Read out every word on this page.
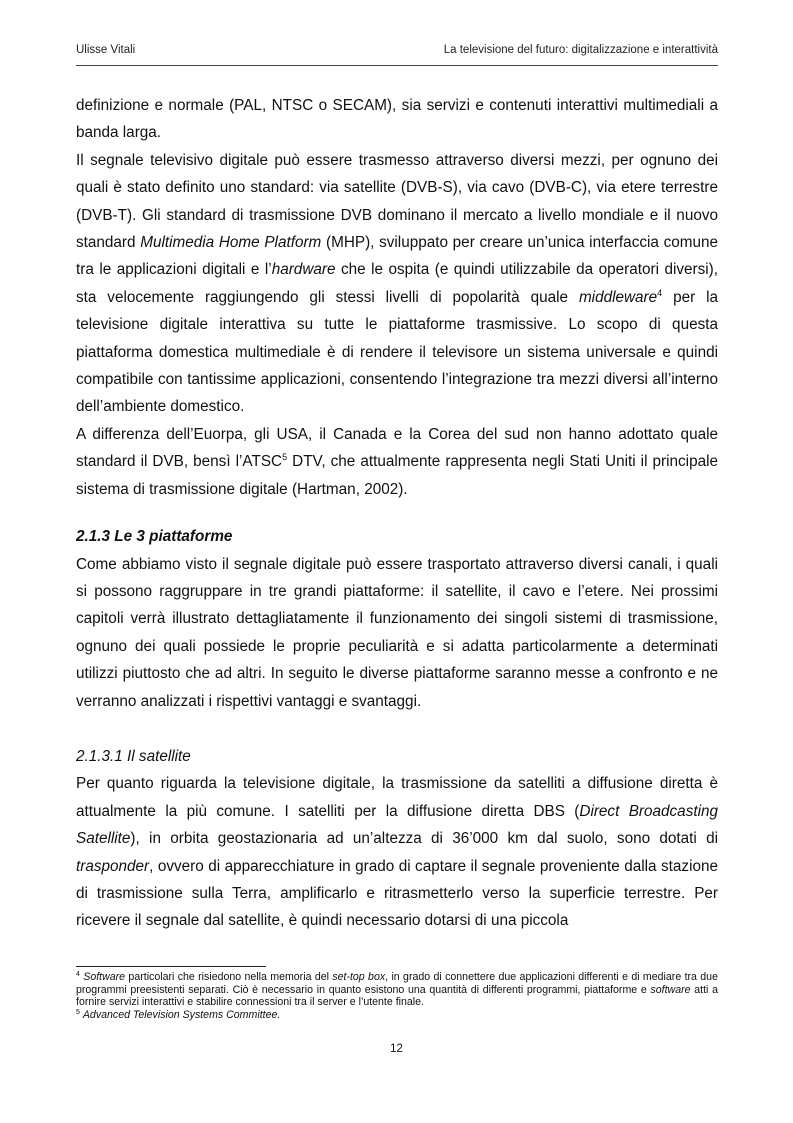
Ulisse Vitali	La televisione del futuro: digitalizzazione e interattività

definizione e normale (PAL, NTSC o SECAM), sia servizi e contenuti interattivi multimediali a banda larga.

Il segnale televisivo digitale può essere trasmesso attraverso diversi mezzi, per ognuno dei quali è stato definito uno standard: via satellite (DVB-S), via cavo (DVB-C), via etere terrestre (DVB-T). Gli standard di trasmissione DVB dominano il mercato a livello mondiale e il nuovo standard Multimedia Home Platform (MHP), sviluppato per creare un’unica interfaccia comune tra le applicazioni digitali e l’hardware che le ospita (e quindi utilizzabile da operatori diversi), sta velocemente raggiungendo gli stessi livelli di popolarità quale middleware$^4$ per la televisione digitale interattiva su tutte le piattaforme trasmissive. Lo scopo di questa piattaforma domestica multimediale è di rendere il televisore un sistema universale e quindi compatibile con tantissime applicazioni, consentendo l’integrazione tra mezzi diversi all’interno dell’ambiente domestico.

A differenza dell’Euorpa, gli USA, il Canada e la Corea del sud non hanno adottato quale standard il DVB, bensì l’ATSC$^5$ DTV, che attualmente rappresenta negli Stati Uniti il principale sistema di trasmissione digitale (Hartman, 2002).

2.1.3 Le 3 piattaforme

Come abbiamo visto il segnale digitale può essere trasportato attraverso diversi canali, i quali si possono raggruppare in tre grandi piattaforme: il satellite, il cavo e l’etere. Nei prossimi capitoli verrà illustrato dettagliatamente il funzionamento dei singoli sistemi di trasmissione, ognuno dei quali possiede le proprie peculiarità e si adatta particolarmente a determinati utilizzi piuttosto che ad altri. In seguito le diverse piattaforme saranno messe a confronto e ne verranno analizzati i rispettivi vantaggi e svantaggi.

2.1.3.1 Il satellite

Per quanto riguarda la televisione digitale, la trasmissione da satelliti a diffusione diretta è attualmente la più comune. I satelliti per la diffusione diretta DBS (Direct Broadcasting Satellite), in orbita geostazionaria ad un’altezza di 36’000 km dal suolo, sono dotati di trasponder, ovvero di apparecchiature in grado di captare il segnale proveniente dalla stazione di trasmissione sulla Terra, amplificarlo e ritrasmetterlo verso la superficie terrestre. Per ricevere il segnale dal satellite, è quindi necessario dotarsi di una piccola

$^4$ Software particolari che risiedono nella memoria del set-top box, in grado di connettere due applicazioni differenti e di mediare tra due programmi preesistenti separati. Ciò è necessario in quanto esistono una quantità di differenti programmi, piattaforme e software atti a fornire servizi interattivi e stabilire connessioni tra il server e l’utente finale.

$^5$ Advanced Television Systems Committee.

12
